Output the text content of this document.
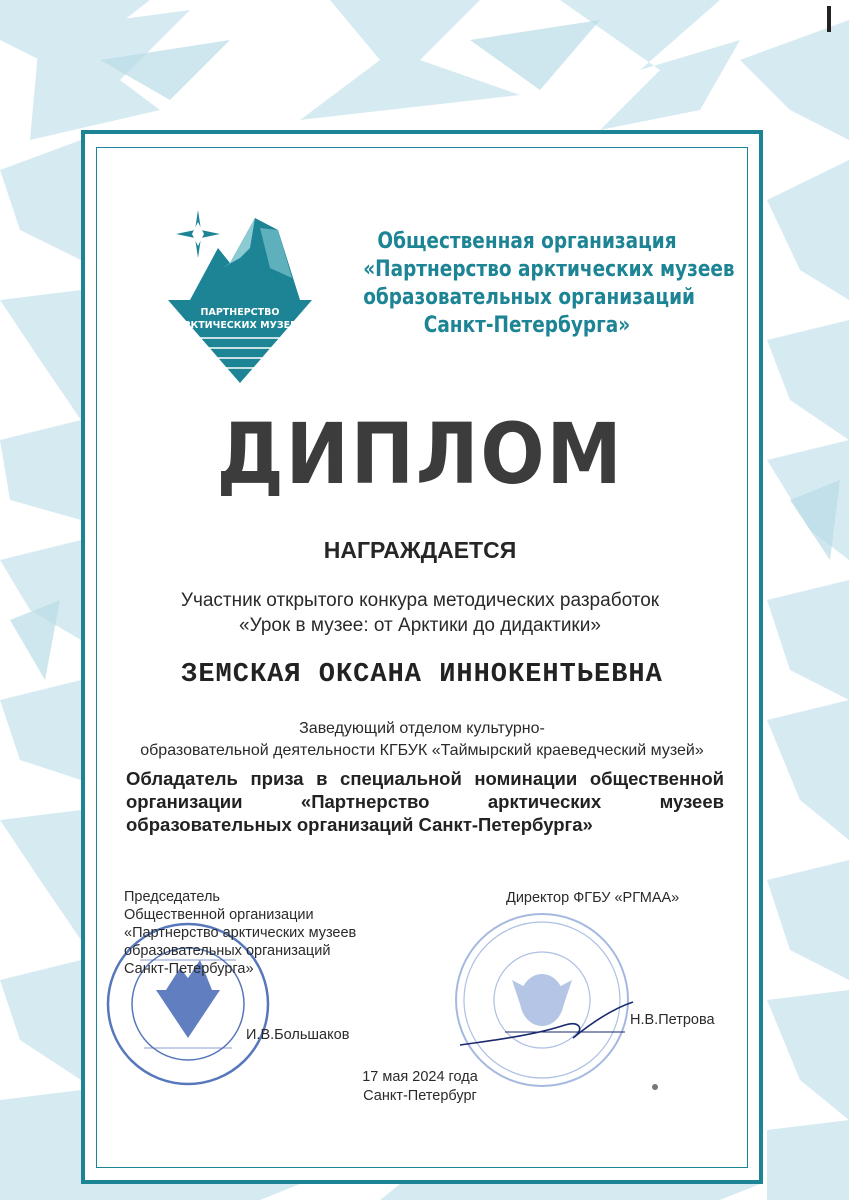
ПАРТНЕРСТВО
АРКТИЧЕСКИХ МУЗЕЕВ
Общественная организация
«Партнерство арктических музеев
образовательных организаций
Санкт-Петербурга»
ДИПЛОМ
НАГРАЖДАЕТСЯ
Участник открытого конкура методических разработок
«Урок в музее: от Арктики до дидактики»
ЗЕМСКАЯ ОКСАНА ИННОКЕНТЬЕВНА
Заведующий отделом культурно-
образовательной деятельности КГБУК «Таймырский краеведческий музей»
Обладатель приза в специальной номинации общественной организации «Партнерство арктических музеев образовательных организаций Санкт-Петербурга»
Председатель
Общественной организации
«Партнерство арктических музеев
образовательных организаций
Санкт-Петербурга»
И.В.Большаков
Директор ФГБУ «РГМАА»
Н.В.Петрова
17 мая 2024 года
Санкт-Петербург
